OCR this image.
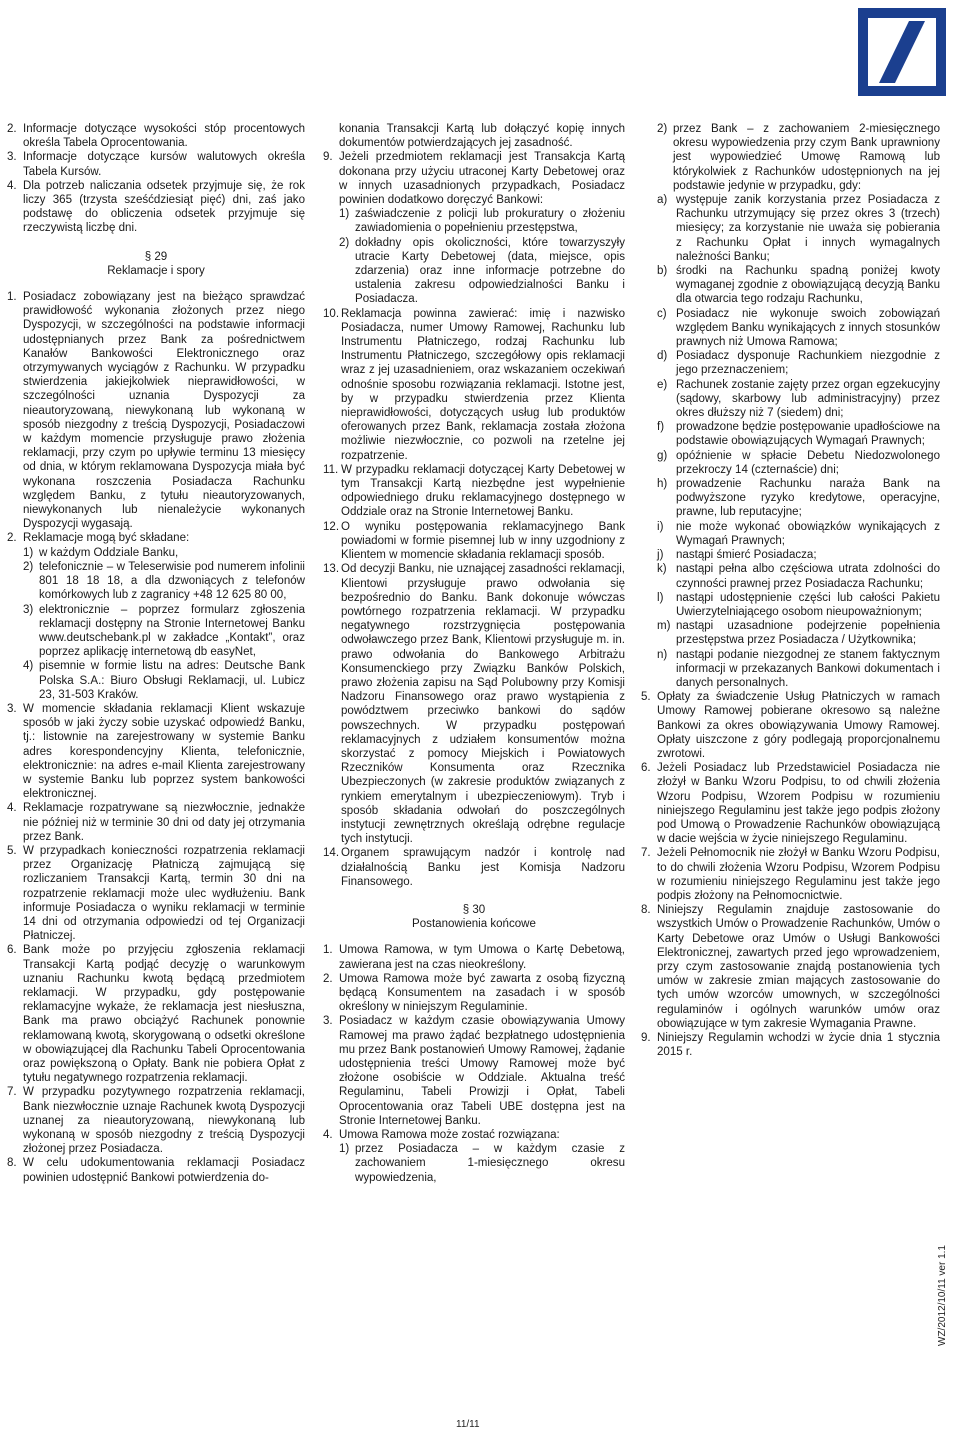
2. Informacje dotyczące wysokości stóp procentowych określa Tabela Oprocentowania.
3. Informacje dotyczące kursów walutowych określa Tabela Kursów.
4. Dla potrzeb naliczania odsetek przyjmuje się, że rok liczy 365 (trzysta sześćdziesiąt pięć) dni, zaś jako podstawę do obliczenia odsetek przyjmuje się rzeczywistą liczbę dni.
§ 29
Reklamacje i spory
1. Posiadacz zobowiązany jest na bieżąco sprawdzać prawidłowość wykonania złożonych przez niego Dyspozycji, w szczególności na podstawie informacji udostępnianych przez Bank za pośrednictwem Kanałów Bankowości Elektronicznego oraz otrzymywanych wyciągów z Rachunku. W przypadku stwierdzenia jakiejkolwiek nieprawidłowości, w szczególności uznania Dyspozycji za nieautoryzowaną, niewykonaną lub wykonaną w sposób niezgodny z treścią Dyspozycji, Posiadaczowi w każdym momencie przysługuje prawo złożenia reklamacji, przy czym po upływie terminu 13 miesięcy od dnia, w którym reklamowana Dyspozycja miała być wykonana roszczenia Posiadacza Rachunku względem Banku, z tytułu nieautoryzowanych, niewykonanych lub nienależycie wykonanych Dyspozycji wygasają.
2. Reklamacje mogą być składane:
1) w każdym Oddziale Banku,
2) telefonicznie – w Teleserwisie pod numerem infolinii 801 18 18 18, a dla dzwoniących z telefonów komórkowych lub z zagranicy +48 12 625 80 00,
3) elektronicznie – poprzez formularz zgłoszenia reklamacji dostępny na Stronie Internetowej Banku www.deutschebank.pl w zakładce „Kontakt”, oraz poprzez aplikację internetową db easyNet,
4) pisemnie w formie listu na adres: Deutsche Bank Polska S.A.: Biuro Obsługi Reklamacji, ul. Lubicz 23, 31-503 Kraków.
3. W momencie składania reklamacji Klient wskazuje sposób w jaki życzy sobie uzyskać odpowiedź Banku, tj.: listownie na zarejestrowany w systemie Banku adres korespondencyjny Klienta, telefonicznie, elektronicznie: na adres e-mail Klienta zarejestrowany w systemie Banku lub poprzez system bankowości elektronicznej.
4. Reklamacje rozpatrywane są niezwłocznie, jednakże nie później niż w terminie 30 dni od daty jej otrzymania przez Bank.
5. W przypadkach konieczności rozpatrzenia reklamacji przez Organizację Płatniczą zajmującą się rozliczaniem Transakcji Kartą, termin 30 dni na rozpatrzenie reklamacji może ulec wydłużeniu. Bank informuje Posiadacza o wyniku reklamacji w terminie 14 dni od otrzymania odpowiedzi od tej Organizacji Płatniczej.
6. Bank może po przyjęciu zgłoszenia reklamacji Transakcji Kartą podjąć decyzję o warunkowym uznaniu Rachunku kwotą będącą przedmiotem reklamacji. W przypadku, gdy postępowanie reklamacyjne wykaże, że reklamacja jest niesłuszna, Bank ma prawo obciążyć Rachunek ponownie reklamowaną kwotą, skorygowaną o odsetki określone w obowiązującej dla Rachunku Tabeli Oprocentowania oraz powiększoną o Opłaty. Bank nie pobiera Opłat z tytułu negatywnego rozpatrzenia reklamacji.
7. W przypadku pozytywnego rozpatrzenia reklamacji, Bank niezwłocznie uznaje Rachunek kwotą Dyspozycji uznanej za nieautoryzowaną, niewykonaną lub wykonaną w sposób niezgodny z treścią Dyspozycji złożonej przez Posiadacza.
8. W celu udokumentowania reklamacji Posiadacz powinien udostępnić Bankowi potwierdzenia do-
konania Transakcji Kartą lub dołączyć kopię innych dokumentów potwierdzających jej zasadność.
9. Jeżeli przedmiotem reklamacji jest Transakcja Kartą dokonana przy użyciu utraconej Karty Debetowej oraz w innych uzasadnionych przypadkach, Posiadacz powinien dodatkowo doręczyć Bankowi:
1) zaświadczenie z policji lub prokuratury o złożeniu zawiadomienia o popełnieniu przestępstwa,
2) dokładny opis okoliczności, które towarzyszyły utracie Karty Debetowej (data, miejsce, opis zdarzenia) oraz inne informacje potrzebne do ustalenia zakresu odpowiedzialności Banku i Posiadacza.
10. Reklamacja powinna zawierać: imię i nazwisko Posiadacza, numer Umowy Ramowej, Rachunku lub Instrumentu Płatniczego, rodzaj Rachunku lub Instrumentu Płatniczego, szczegółowy opis reklamacji wraz z jej uzasadnieniem, oraz wskazaniem oczekiwań odnośnie sposobu rozwiązania reklamacji. Istotne jest, by w przypadku stwierdzenia przez Klienta nieprawidłowości, dotyczących usług lub produktów oferowanych przez Bank, reklamacja została złożona możliwie niezwłocznie, co pozwoli na rzetelne jej rozpatrzenie.
11. W przypadku reklamacji dotyczącej Karty Debetowej w tym Transakcji Kartą niezbędne jest wypełnienie odpowiedniego druku reklamacyjnego dostępnego w Oddziale oraz na Stronie Internetowej Banku.
12. O wyniku postępowania reklamacyjnego Bank powiadomi w formie pisemnej lub w inny uzgodniony z Klientem w momencie składania reklamacji sposób.
13. Od decyzji Banku, nie uznającej zasadności reklamacji, Klientowi przysługuje prawo odwołania się bezpośrednio do Banku. Bank dokonuje wówczas powtórnego rozpatrzenia reklamacji. W przypadku negatywnego rozstrzygnięcia postępowania odwoławczego przez Bank, Klientowi przysługuje m. in. prawo odwołania do Bankowego Arbitrażu Konsumenckiego przy Związku Banków Polskich, prawo złożenia zapisu na Sąd Polubowny przy Komisji Nadzoru Finansowego oraz prawo wystąpienia z powództwem przeciwko bankowi do sądów powszechnych. W przypadku postępowań reklamacyjnych z udziałem konsumentów można skorzystać z pomocy Miejskich i Powiatowych Rzeczników Konsumenta oraz Rzecznika Ubezpieczonych (w zakresie produktów związanych z rynkiem emerytalnym i ubezpieczeniowym). Tryb i sposób składania odwołań do poszczególnych instytucji zewnętrznych określają odrębne regulacje tych instytucji.
14. Organem sprawującym nadzór i kontrolę nad działalnością Banku jest Komisja Nadzoru Finansowego.
§ 30
Postanowienia końcowe
1. Umowa Ramowa, w tym Umowa o Kartę Debetową, zawierana jest na czas nieokreślony.
2. Umowa Ramowa może być zawarta z osobą fizyczną będącą Konsumentem na zasadach i w sposób określony w niniejszym Regulaminie.
3. Posiadacz w każdym czasie obowiązywania Umowy Ramowej ma prawo żądać bezpłatnego udostępnienia mu przez Bank postanowień Umowy Ramowej, żądanie udostępnienia treści Umowy Ramowej może być złożone osobiście w Oddziale. Aktualna treść Regulaminu, Tabeli Prowizji i Opłat, Tabeli Oprocentowania oraz Tabeli UBE dostępna jest na Stronie Internetowej Banku.
4. Umowa Ramowa może zostać rozwiązana:
1) przez Posiadacza – w każdym czasie z zachowaniem 1-miesięcznego okresu wypowiedzenia,
2) przez Bank – z zachowaniem 2-miesięcznego okresu wypowiedzenia przy czym Bank uprawniony jest wypowiedzieć Umowę Ramową lub którykolwiek z Rachunków udostępnionych na jej podstawie jedynie w przypadku, gdy:
a) występuje zanik korzystania przez Posiadacza z Rachunku utrzymujący się przez okres 3 (trzech) miesięcy; za korzystanie nie uważa się pobierania z Rachunku Opłat i innych wymagalnych należności Banku;
b) środki na Rachunku spadną poniżej kwoty wymaganej zgodnie z obowiązującą decyzją Banku dla otwarcia tego rodzaju Rachunku,
c) Posiadacz nie wykonuje swoich zobowiązań względem Banku wynikających z innych stosunków prawnych niż Umowa Ramowa;
d) Posiadacz dysponuje Rachunkiem niezgodnie z jego przeznaczeniem;
e) Rachunek zostanie zajęty przez organ egzekucyjny (sądowy, skarbowy lub administracyjny) przez okres dłuższy niż 7 (siedem) dni;
f) prowadzone będzie postępowanie upadłościowe na podstawie obowiązujących Wymagań Prawnych;
g) opóźnienie w spłacie Debetu Niedozwolonego przekroczy 14 (czternaście) dni;
h) prowadzenie Rachunku naraża Bank na podwyższone ryzyko kredytowe, operacyjne, prawne, lub reputacyjne;
i) nie może wykonać obowiązków wynikających z Wymagań Prawnych;
j) nastąpi śmierć Posiadacza;
k) nastąpi pełna albo częściowa utrata zdolności do czynności prawnej przez Posiadacza Rachunku;
l) nastąpi udostępnienie części lub całości Pakietu Uwierzytelniającego osobom nieupoważnionym;
m) nastąpi uzasadnione podejrzenie popełnienia przestępstwa przez Posiadacza / Użytkownika;
n) nastąpi podanie niezgodnej ze stanem faktycznym informacji w przekazanych Bankowi dokumentach i danych personalnych.
5. Opłaty za świadczenie Usług Płatniczych w ramach Umowy Ramowej pobierane okresowo są należne Bankowi za okres obowiązywania Umowy Ramowej. Opłaty uiszczone z góry podlegają proporcjonalnemu zwrotowi.
6. Jeżeli Posiadacz lub Przedstawiciel Posiadacza nie złożył w Banku Wzoru Podpisu, to od chwili złożenia Wzoru Podpisu, Wzorem Podpisu w rozumieniu niniejszego Regulaminu jest także jego podpis złożony pod Umową o Prowadzenie Rachunków obowiązującą w dacie wejścia w życie niniejszego Regulaminu.
7. Jeżeli Pełnomocnik nie złożył w Banku Wzoru Podpisu, to do chwili złożenia Wzoru Podpisu, Wzorem Podpisu w rozumieniu niniejszego Regulaminu jest także jego podpis złożony na Pełnomocnictwie.
8. Niniejszy Regulamin znajduje zastosowanie do wszystkich Umów o Prowadzenie Rachunków, Umów o Karty Debetowe oraz Umów o Usługi Bankowości Elektronicznej, zawartych przed jego wprowadzeniem, przy czym zastosowanie znajdą postanowienia tych umów w zakresie zmian mających zastosowanie do tych umów wzorców umownych, w szczególności regulaminów i ogólnych warunków umów oraz obowiązujące w tym zakresie Wymagania Prawne.
9. Niniejszy Regulamin wchodzi w życie dnia 1 stycznia 2015 r.
WZ/2012/10/11 ver 1.1
11/11
